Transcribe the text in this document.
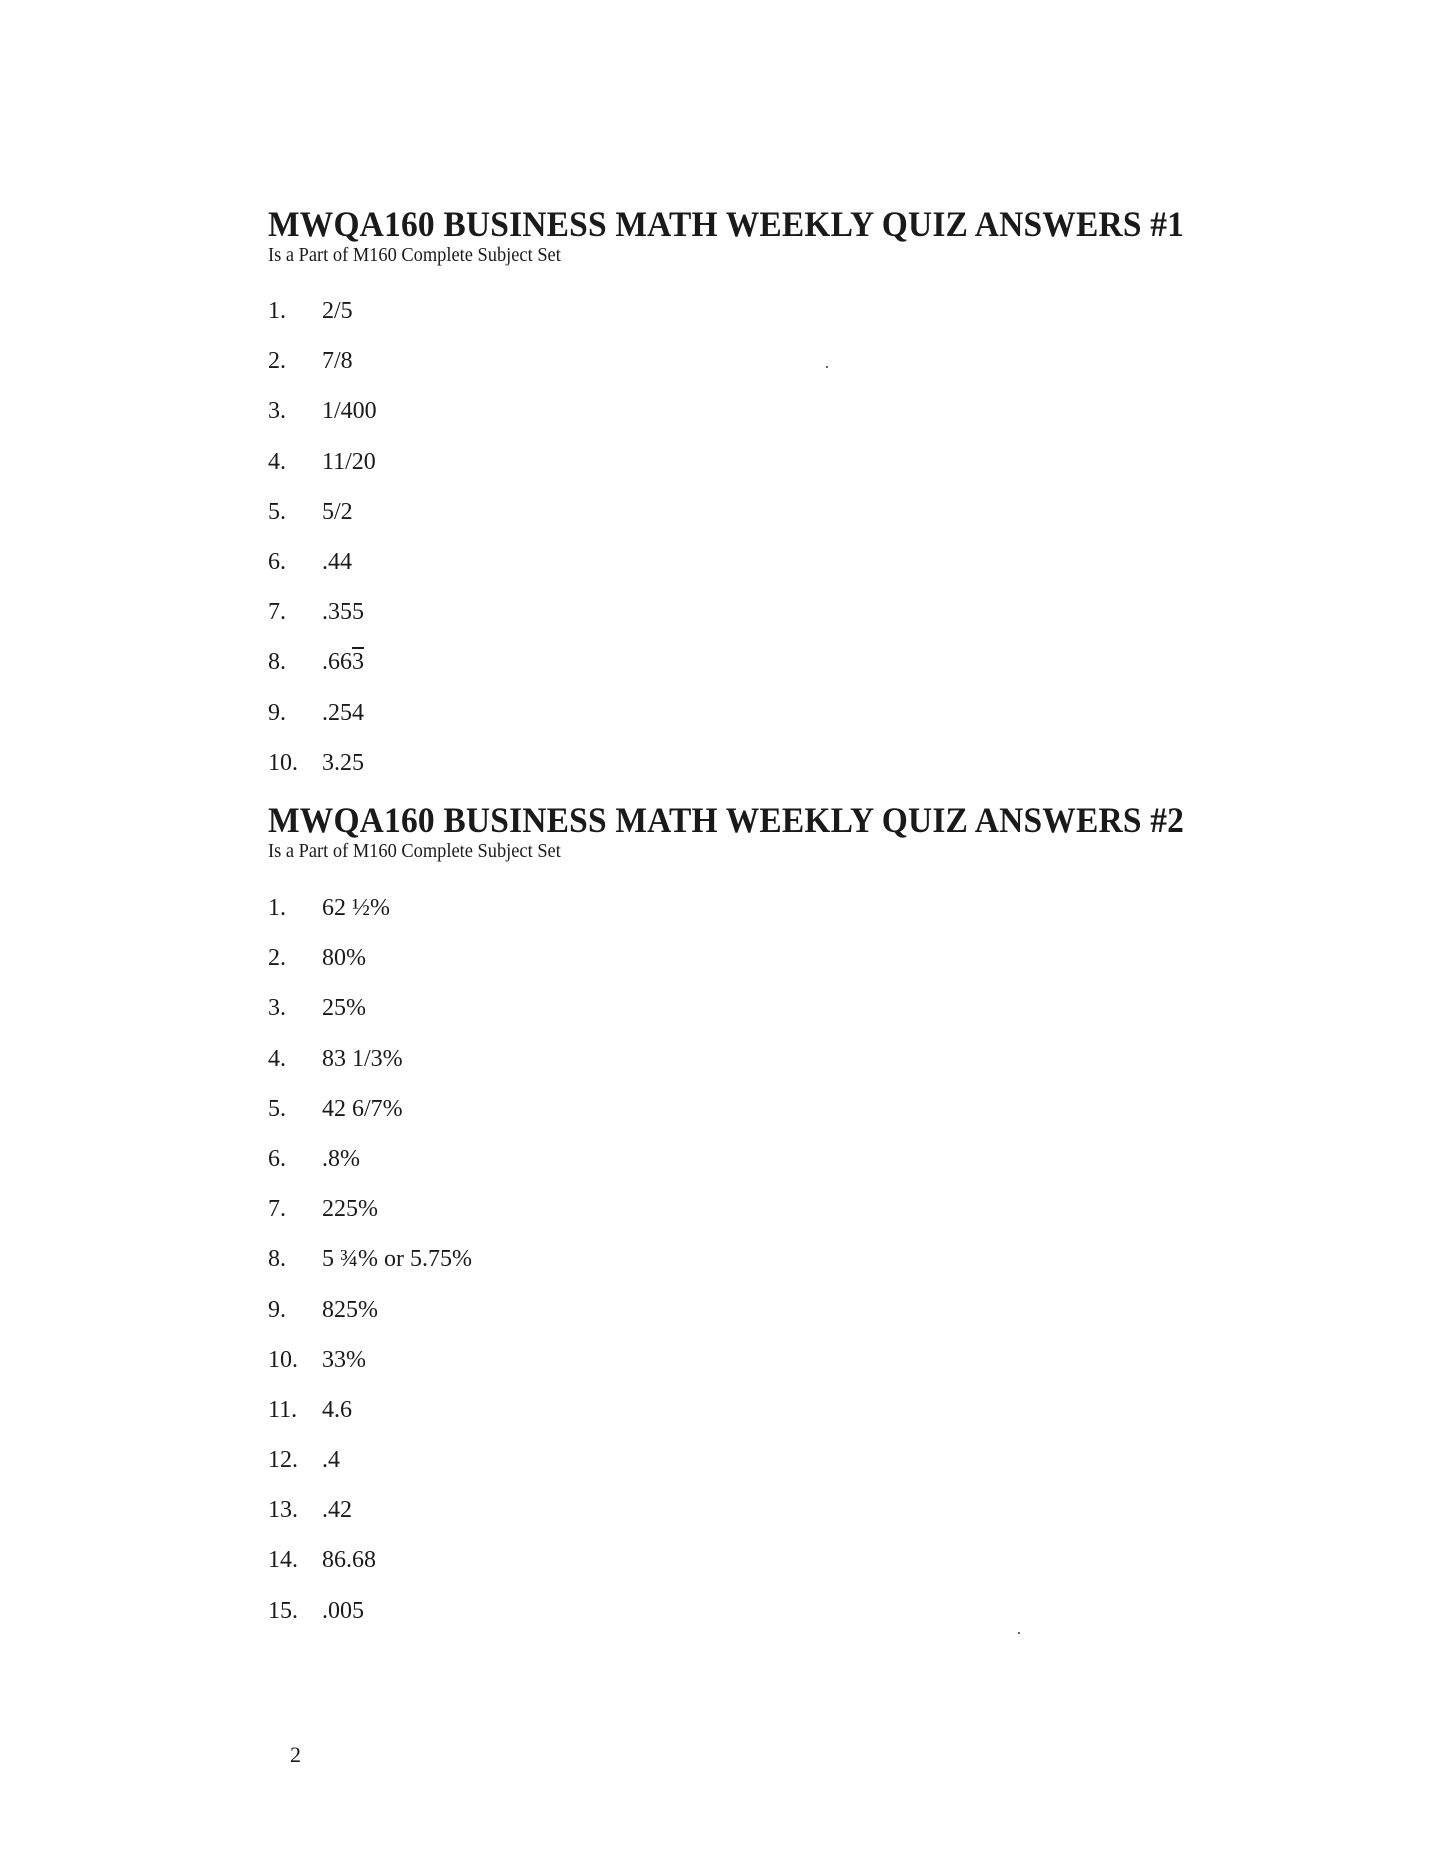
MWQA160 BUSINESS MATH WEEKLY QUIZ ANSWERS #1
Is a Part of M160 Complete Subject Set
1. 2/5
2. 7/8
3. 1/400
4. 11/20
5. 5/2
6. .44
7. .355
8. .663
9. .254
10. 3.25
MWQA160 BUSINESS MATH WEEKLY QUIZ ANSWERS #2
Is a Part of M160 Complete Subject Set
1. 62 ½%
2. 80%
3. 25%
4. 83 1/3%
5. 42 6/7%
6. .8%
7. 225%
8. 5 ¾% or 5.75%
9. 825%
10. 33%
11. 4.6
12. .4
13. .42
14. 86.68
15. .005
2
